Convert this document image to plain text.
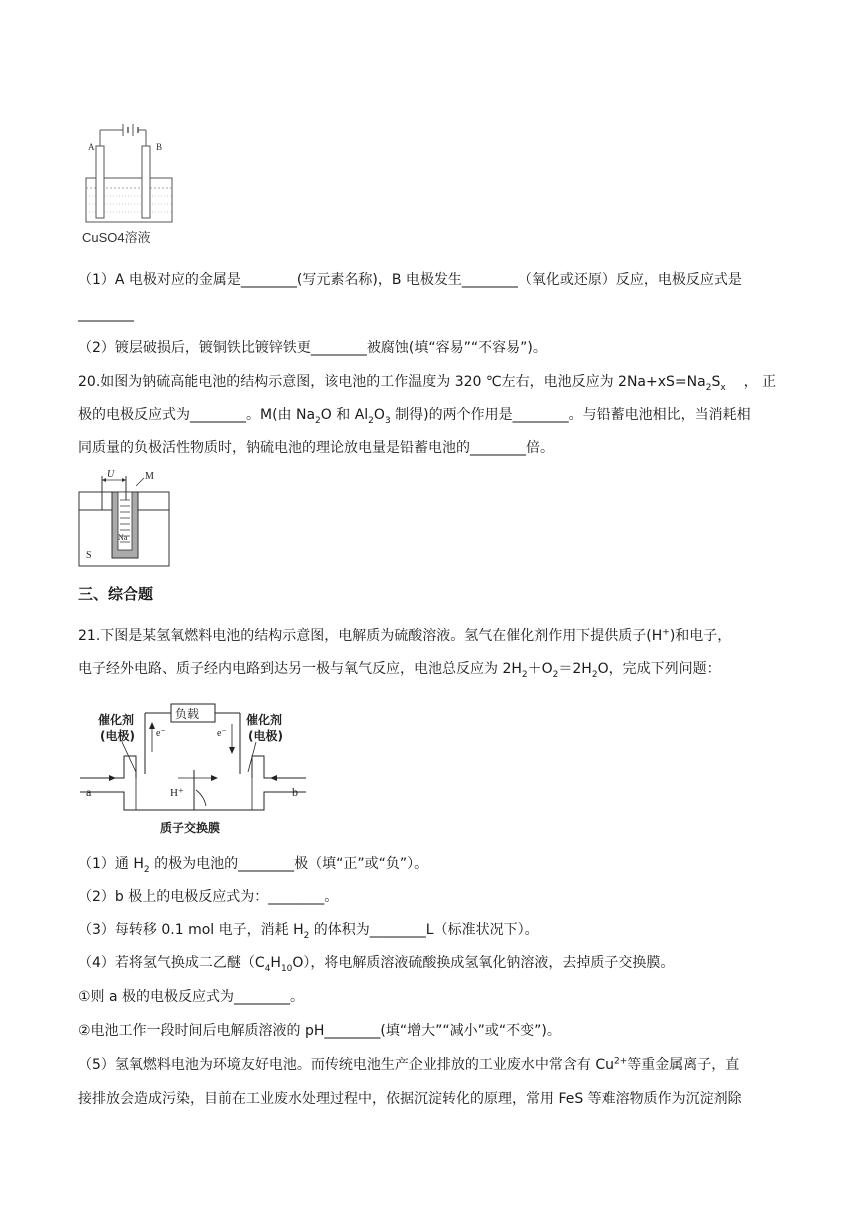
A	B
CuSO4溶液
（1）A 电极对应的金属是________(写元素名称)，B 电极发生________（氧化或还原）反应，电极反应式是
________
（2）镀层破损后，镀铜铁比镀锌铁更________被腐蚀(填“容易”“不容易”)。
20.如图为钠硫高能电池的结构示意图，该电池的工作温度为 320 ℃左右，电池反应为 $2Na+xS=Na_2S_x$ ， 正
极的电极反应式为________。M(由 $Na_2O$ 和 $Al_2O_3$ 制得)的两个作用是________。与铅蓄电池相比，当消耗相
同质量的负极活性物质时，钠硫电池的理论放电量是铅蓄电池的________倍。
U	M
Na
S
三、综合题
21.下图是某氢氧燃料电池的结构示意图，电解质为硫酸溶液。氢气在催化剂作用下提供质子(H+)和电子，
电子经外电路、质子经内电路到达另一极与氧气反应，电池总反应为 $2H_2+O_2=2H_2O$，完成下列问题：
负载
e⁻	e⁻
催化剂
(电极)
催化剂
(电极)
H⁺
a	b
质子交换膜
（1）通 $H_2$ 的极为电池的________极（填“正”或“负”）。
（2）b 极上的电极反应式为：________。
（3）每转移 0.1 mol 电子，消耗 $H_2$ 的体积为________L（标准状况下）。
（4）若将氢气换成二乙醚$(C_4H_{10}O)$，将电解质溶液硫酸换成氢氧化钠溶液，去掉质子交换膜。
①则 a 极的电极反应式为________。
②电池工作一段时间后电解质溶液的 pH________(填“增大”“减小”或“不变”)。
（5）氢氧燃料电池为环境友好电池。而传统电池生产企业排放的工业废水中常含有 $Cu^{2+}$等重金属离子，直
接排放会造成污染，目前在工业废水处理过程中，依据沉淀转化的原理，常用 FeS 等难溶物质作为沉淀剂除
